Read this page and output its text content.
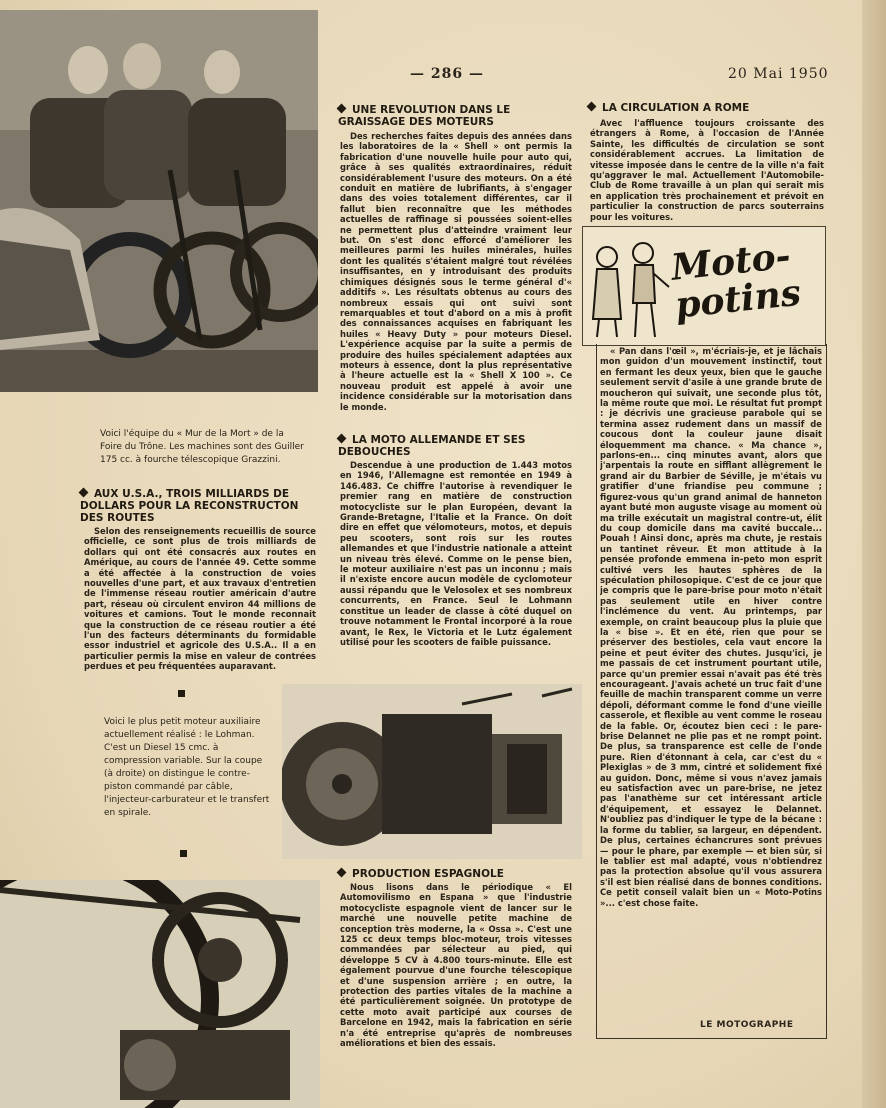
— 286 —	20 Mai 1950
Voici l'équipe du « Mur de la Mort » de la Foire du Trône. Les machines sont des Guiller 175 cc. à fourche télescopique Grazzini.
AUX U.S.A., TROIS MILLIARDS DE DOLLARS POUR LA RECONSTRUCTON DES ROUTES
Selon des renseignements recueillis de source officielle, ce sont plus de trois milliards de dollars qui ont été consacrés aux routes en Amérique, au cours de l'année 49. Cette somme a été affectée à la construction de voies nouvelles d'une part, et aux travaux d'entretien de l'immense réseau routier américain d'autre part, réseau où circulent environ 44 millions de voitures et camions. Tout le monde reconnait que la construction de ce réseau routier a été l'un des facteurs déterminants du formidable essor industriel et agricole des U.S.A.. Il a en particulier permis la mise en valeur de contrées perdues et peu fréquentées auparavant.
Voici le plus petit moteur auxiliaire actuellement réalisé : le Lohman. C'est un Diesel 15 cmc. à compression variable. Sur la coupe (à droite) on distingue le contre-piston commandé par câble, l'injecteur-carburateur et le transfert en spirale.
UNE REVOLUTION DANS LE GRAISSAGE DES MOTEURS
Des recherches faites depuis des années dans les laboratoires de la « Shell » ont permis la fabrication d'une nouvelle huile pour auto qui, grâce à ses qualités extraordinaires, réduit considérablement l'usure des moteurs. On a été conduit en matière de lubrifiants, à s'engager dans des voies totalement différentes, car il fallut bien reconnaître que les méthodes actuelles de raffinage si poussées soient-elles ne permettent plus d'atteindre vraiment leur but. On s'est donc efforcé d'améliorer les meilleures parmi les huiles minérales, huiles dont les qualités s'étaient malgré tout révélées insuffisantes, en y introduisant des produits chimiques désignés sous le terme général d'« additifs ». Les résultats obtenus au cours des nombreux essais qui ont suivi sont remarquables et tout d'abord on a mis à profit des connaissances acquises en fabriquant les huiles « Heavy Duty » pour moteurs Diesel. L'expérience acquise par la suite a permis de produire des huiles spécialement adaptées aux moteurs à essence, dont la plus représentative à l'heure actuelle est la « Shell X 100 ». Ce nouveau produit est appelé à avoir une incidence considérable sur la motorisation dans le monde.
LA MOTO ALLEMANDE ET SES DEBOUCHES
Descendue à une production de 1.443 motos en 1946, l'Allemagne est remontée en 1949 à 146.483. Ce chiffre l'autorise à revendiquer le premier rang en matière de construction motocycliste sur le plan Européen, devant la Grande-Bretagne, l'Italie et la France. On doit dire en effet que vélomoteurs, motos, et depuis peu scooters, sont rois sur les routes allemandes et que l'industrie nationale a atteint un niveau très élevé. Comme on le pense bien, le moteur auxiliaire n'est pas un inconnu ; mais il n'existe encore aucun modèle de cyclomoteur aussi répandu que le Velosolex et ses nombreux concurrents, en France. Seul le Lohmann constitue un leader de classe à côté duquel on trouve notamment le Frontal incorporé à la roue avant, le Rex, le Victoria et le Lutz également utilisé pour les scooters de faible puissance.
PRODUCTION ESPAGNOLE
Nous lisons dans le périodique « El Automovilismo en Espana » que l'industrie motocycliste espagnole vient de lancer sur le marché une nouvelle petite machine de conception très moderne, la « Ossa ». C'est une 125 cc deux temps bloc-moteur, trois vitesses commandées par sélecteur au pied, qui développe 5 CV à 4.800 tours-minute. Elle est également pourvue d'une fourche télescopique et d'une suspension arrière ; en outre, la protection des parties vitales de la machine a été particulièrement soignée. Un prototype de cette moto avait participé aux courses de Barcelone en 1942, mais la fabrication en série n'a été entreprise qu'après de nombreuses améliorations et bien des essais.
LA CIRCULATION A ROME
Avec l'affluence toujours croissante des étrangers à Rome, à l'occasion de l'Année Sainte, les difficultés de circulation se sont considérablement accrues. La limitation de vitesse imposée dans le centre de la ville n'a fait qu'aggraver le mal. Actuellement l'Automobile-Club de Rome travaille à un plan qui serait mis en application très prochainement et prévoit en particulier la construction de parcs souterrains pour les voitures.
Moto-potins
« Pan dans l'œil », m'écriais-je, et je lâchais mon guidon d'un mouvement instinctif, tout en fermant les deux yeux, bien que le gauche seulement servit d'asile à une grande brute de moucheron qui suivait, une seconde plus tôt, la même route que moi. Le résultat fut prompt : je décrivis une gracieuse parabole qui se termina assez rudement dans un massif de coucous dont la couleur jaune disait éloquemment ma chance. « Ma chance », parlons-en... cinq minutes avant, alors que j'arpentais la route en sifflant allègrement le grand air du Barbier de Séville, je m'étais vu gratifier d'une friandise peu commune ; figurez-vous qu'un grand animal de hanneton ayant buté mon auguste visage au moment où ma trille exécutait un magistral contre-ut, élit du coup domicile dans ma cavité buccale... Pouah ! Ainsi donc, après ma chute, je restais un tantinet rêveur. Et mon attitude à la pensée profonde emmena in-peto mon esprit cultivé vers les hautes sphères de la spéculation philosopique. C'est de ce jour que je compris que le pare-brise pour moto n'était pas seulement utile en hiver contre l'inclémence du vent. Au printemps, par exemple, on craint beaucoup plus la pluie que la « bise ». Et en été, rien que pour se préserver des bestioles, cela vaut encore la peine et peut éviter des chutes. Jusqu'ici, je me passais de cet instrument pourtant utile, parce qu'un premier essai n'avait pas été très encourageant. J'avais acheté un truc fait d'une feuille de machin transparent comme un verre dépoli, déformant comme le fond d'une vieille casserole, et flexible au vent comme le roseau de la fable. Or, écoutez bien ceci : le pare-brise Delannet ne plie pas et ne rompt point. De plus, sa transparence est celle de l'onde pure. Rien d'étonnant à cela, car c'est du « Plexiglas » de 3 mm, cintré et solidement fixé au guidon. Donc, même si vous n'avez jamais eu satisfaction avec un pare-brise, ne jetez pas l'anathème sur cet intéressant article d'équipement, et essayez le Delannet. N'oubliez pas d'indiquer le type de la bécane : la forme du tablier, sa largeur, en dépendent. De plus, certaines échancrures sont prévues — pour le phare, par exemple — et bien sûr, si le tablier est mal adapté, vous n'obtiendrez pas la protection absolue qu'il vous assurera s'il est bien réalisé dans de bonnes conditions. Ce petit conseil valait bien un « Moto-Potins »... c'est chose faite.
LE MOTOGRAPHE
